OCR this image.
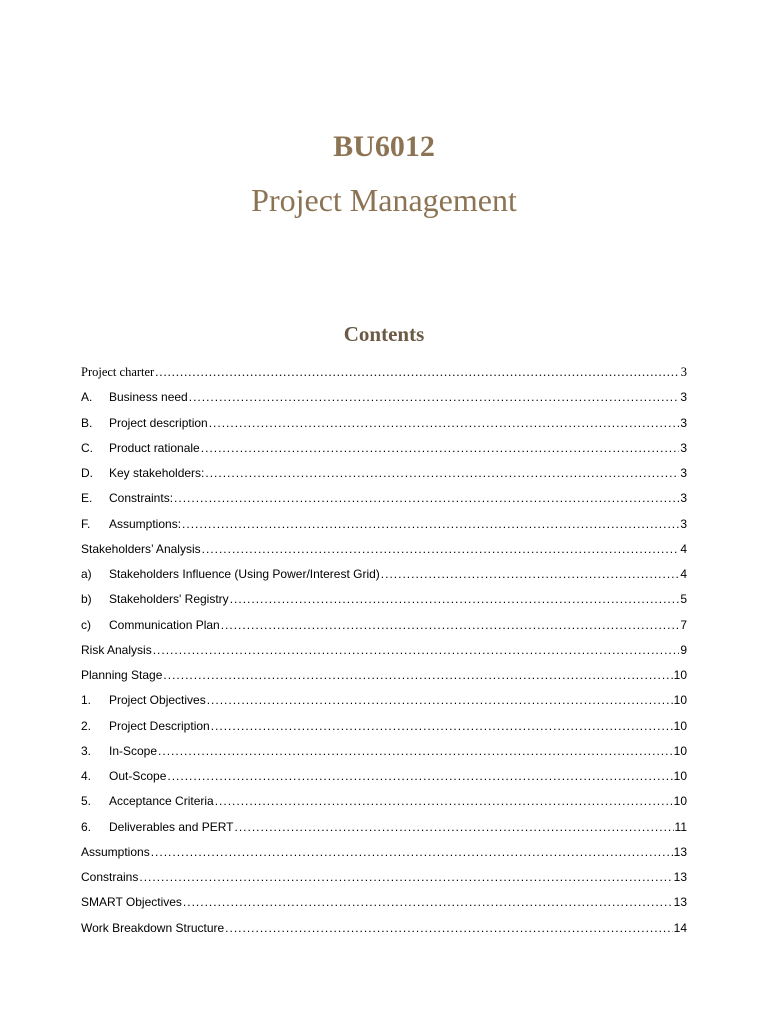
BU6012
Project Management
Contents
Project charter .....	3
A.	Business need .....	3
B.	Project description .....	3
C.	Product rationale .....	3
D.	Key stakeholders: .....	3
E.	Constraints: .....	3
F.	Assumptions: .....	3
Stakeholders’ Analysis .....	4
a)	Stakeholders Influence (Using Power/Interest Grid) .....	4
b)	Stakeholders' Registry .....	5
c)	Communication Plan .....	7
Risk Analysis .....	9
Planning Stage .....	10
1.	Project Objectives .....	10
2.	Project Description .....	10
3.	In-Scope .....	10
4.	Out-Scope .....	10
5.	Acceptance Criteria .....	10
6.	Deliverables and PERT .....	11
Assumptions .....	13
Constrains .....	13
SMART Objectives .....	13
Work Breakdown Structure .....	14
